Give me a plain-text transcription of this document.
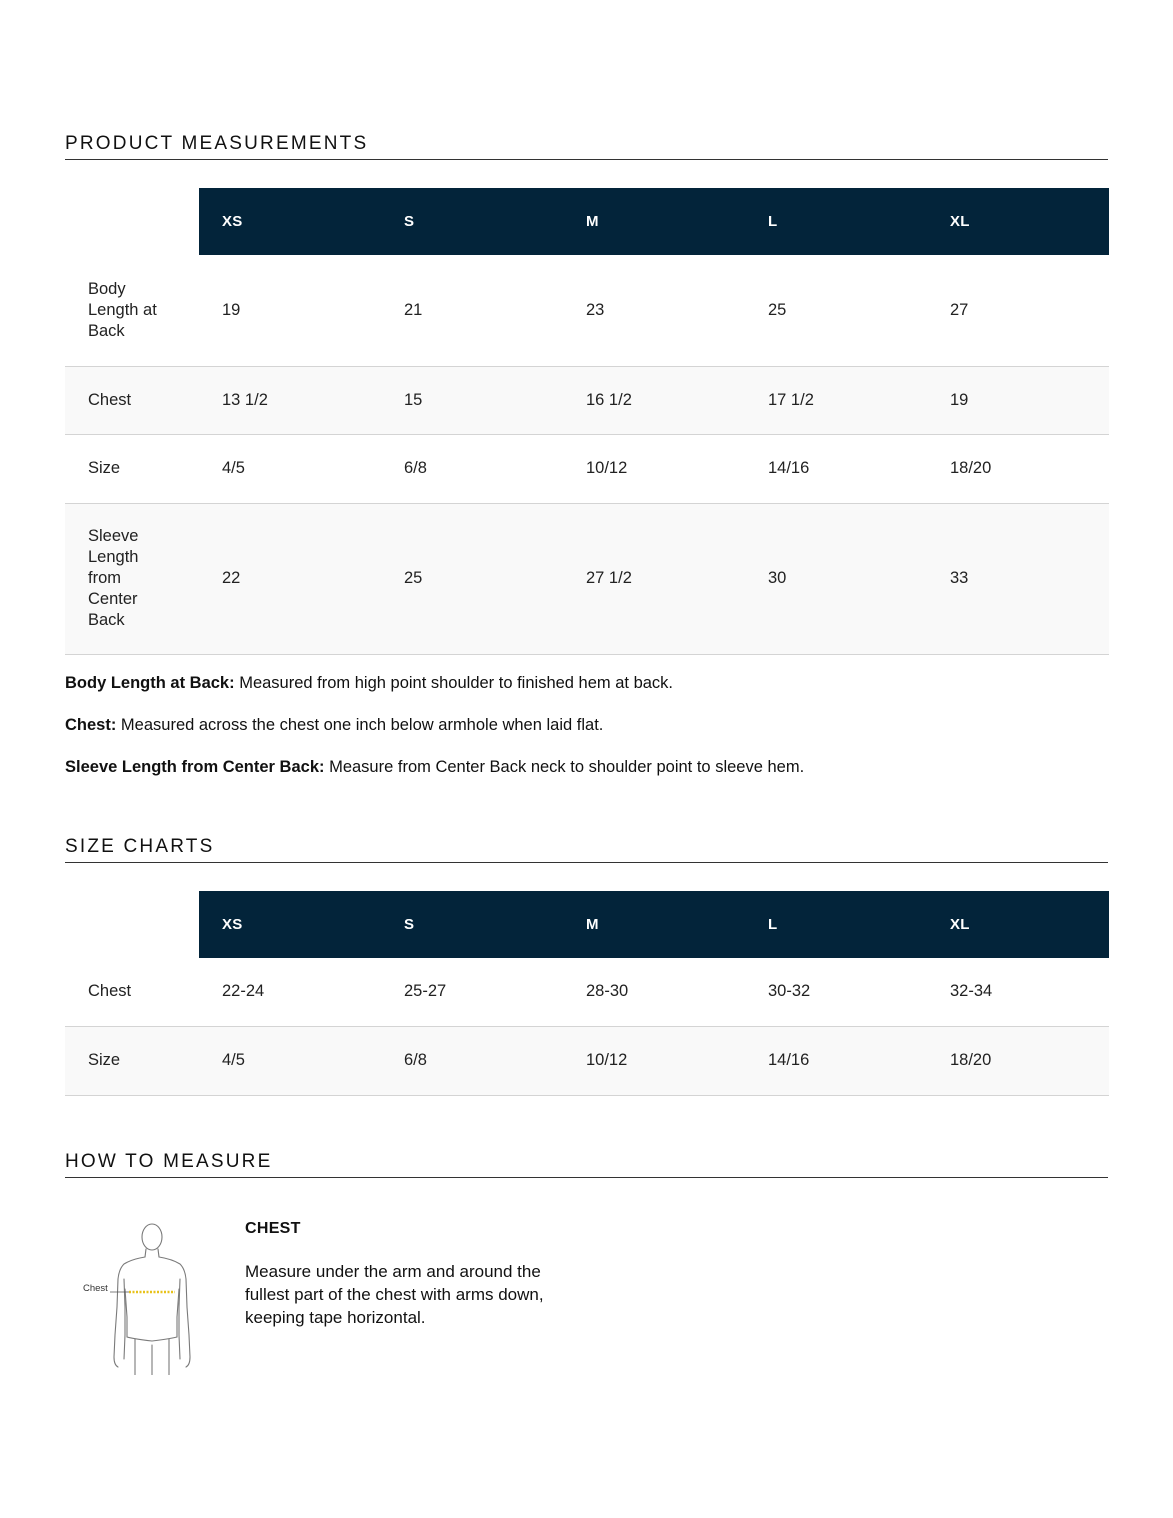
PRODUCT MEASUREMENTS
	XS	S	M	L	XL
Body Length at Back	19	21	23	25	27
Chest	13 1/2	15	16 1/2	17 1/2	19
Size	4/5	6/8	10/12	14/16	18/20
Sleeve Length from Center Back	22	25	27 1/2	30	33

Body Length at Back: Measured from high point shoulder to finished hem at back.

Chest: Measured across the chest one inch below armhole when laid flat.

Sleeve Length from Center Back: Measure from Center Back neck to shoulder point to sleeve hem.

SIZE CHARTS
	XS	S	M	L	XL
Chest	22-24	25-27	28-30	30-32	32-34
Size	4/5	6/8	10/12	14/16	18/20
HOW TO MEASURE
Chest
CHEST

Measure under the arm and around the fullest part of the chest with arms down, keeping tape horizontal.
